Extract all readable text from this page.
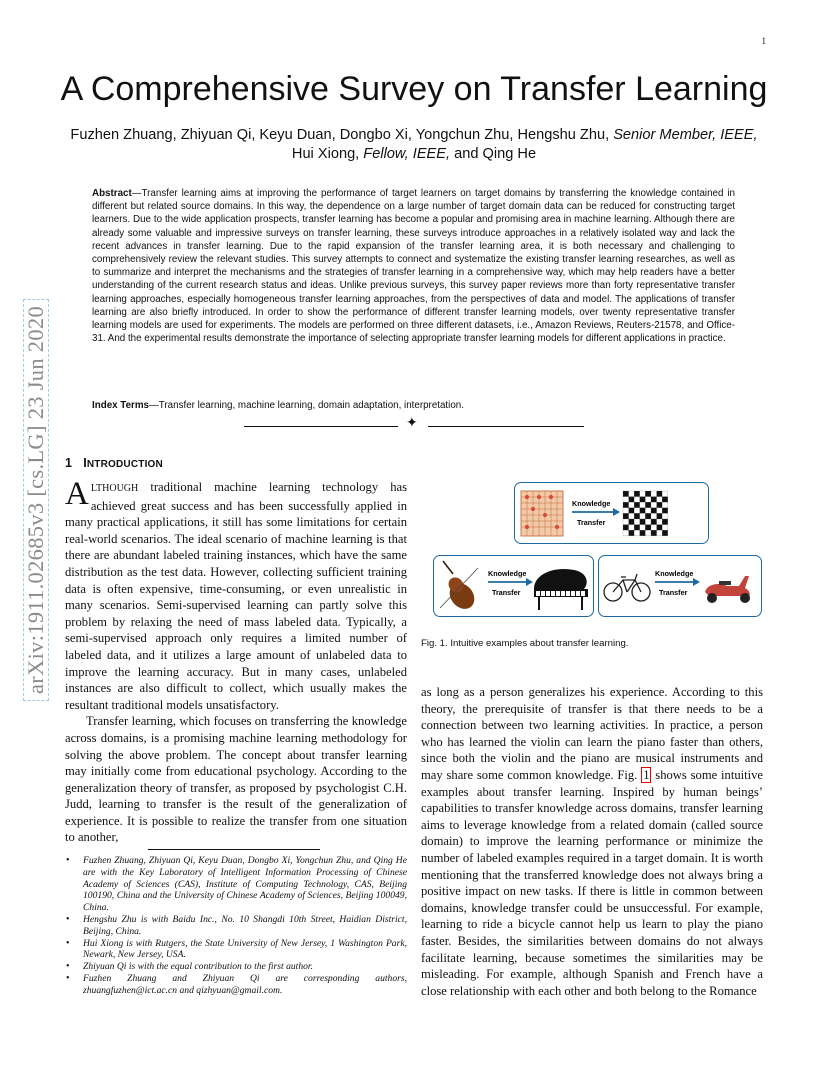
1
arXiv:1911.02685v3 [cs.LG] 23 Jun 2020
A Comprehensive Survey on Transfer Learning
Fuzhen Zhuang, Zhiyuan Qi, Keyu Duan, Dongbo Xi, Yongchun Zhu, Hengshu Zhu, Senior Member, IEEE,
Hui Xiong, Fellow, IEEE, and Qing He
Abstract—Transfer learning aims at improving the performance of target learners on target domains by transferring the knowledge contained in different but related source domains. In this way, the dependence on a large number of target domain data can be reduced for constructing target learners. Due to the wide application prospects, transfer learning has become a popular and promising area in machine learning. Although there are already some valuable and impressive surveys on transfer learning, these surveys introduce approaches in a relatively isolated way and lack the recent advances in transfer learning. Due to the rapid expansion of the transfer learning area, it is both necessary and challenging to comprehensively review the relevant studies. This survey attempts to connect and systematize the existing transfer learning researches, as well as to summarize and interpret the mechanisms and the strategies of transfer learning in a comprehensive way, which may help readers have a better understanding of the current research status and ideas. Unlike previous surveys, this survey paper reviews more than forty representative transfer learning approaches, especially homogeneous transfer learning approaches, from the perspectives of data and model. The applications of transfer learning are also briefly introduced. In order to show the performance of different transfer learning models, over twenty representative transfer learning models are used for experiments. The models are performed on three different datasets, i.e., Amazon Reviews, Reuters-21578, and Office-31. And the experimental results demonstrate the importance of selecting appropriate transfer learning models for different applications in practice.
Index Terms—Transfer learning, machine learning, domain adaptation, interpretation.
✦
1 INTRODUCTION

ALTHOUGH traditional machine learning technology has achieved great success and has been successfully applied in many practical applications, it still has some limitations for certain real-world scenarios. The ideal scenario of machine learning is that there are abundant labeled training instances, which have the same distribution as the test data. However, collecting sufficient training data is often expensive, time-consuming, or even unrealistic in many scenarios. Semi-supervised learning can partly solve this problem by relaxing the need of mass labeled data. Typically, a semi-supervised approach only requires a limited number of labeled data, and it utilizes a large amount of unlabeled data to improve the learning accuracy. But in many cases, unlabeled instances are also difficult to collect, which usually makes the resultant traditional models unsatisfactory.

Transfer learning, which focuses on transferring the knowledge across domains, is a promising machine learning methodology for solving the above problem. The concept about transfer learning may initially come from educational psychology. According to the generalization theory of transfer, as proposed by psychologist C.H. Judd, learning to transfer is the result of the generalization of experience. It is possible to realize the transfer from one situation to another,

• Fuzhen Zhuang, Zhiyuan Qi, Keyu Duan, Dongbo Xi, Yongchun Zhu, and Qing He are with the Key Laboratory of Intelligent Information Processing of Chinese Academy of Sciences (CAS), Institute of Computing Technology, CAS, Beijing 100190, China and the University of Chinese Academy of Sciences, Beijing 100049, China.
• Hengshu Zhu is with Baidu Inc., No. 10 Shangdi 10th Street, Haidian District, Beijing, China.
• Hui Xiong is with Rutgers, the State University of New Jersey, 1 Washington Park, Newark, New Jersey, USA.
• Zhiyuan Qi is with the equal contribution to the first author.
• Fuzhen Zhuang and Zhiyuan Qi are corresponding authors, zhuangfuzhen@ict.ac.cn and qizhyuan@gmail.com.
Knowledge
Transfer
Knowledge
Transfer
Knowledge
Transfer
Fig. 1. Intuitive examples about transfer learning.

as long as a person generalizes his experience. According to this theory, the prerequisite of transfer is that there needs to be a connection between two learning activities. In practice, a person who has learned the violin can learn the piano faster than others, since both the violin and the piano are musical instruments and may share some common knowledge. Fig. 1 shows some intuitive examples about transfer learning. Inspired by human beings’ capabilities to transfer knowledge across domains, transfer learning aims to leverage knowledge from a related domain (called source domain) to improve the learning performance or minimize the number of labeled examples required in a target domain. It is worth mentioning that the transferred knowledge does not always bring a positive impact on new tasks. If there is little in common between domains, knowledge transfer could be unsuccessful. For example, learning to ride a bicycle cannot help us learn to play the piano faster. Besides, the similarities between domains do not always facilitate learning, because sometimes the similarities may be misleading. For example, although Spanish and French have a close relationship with each other and both belong to the Romance
